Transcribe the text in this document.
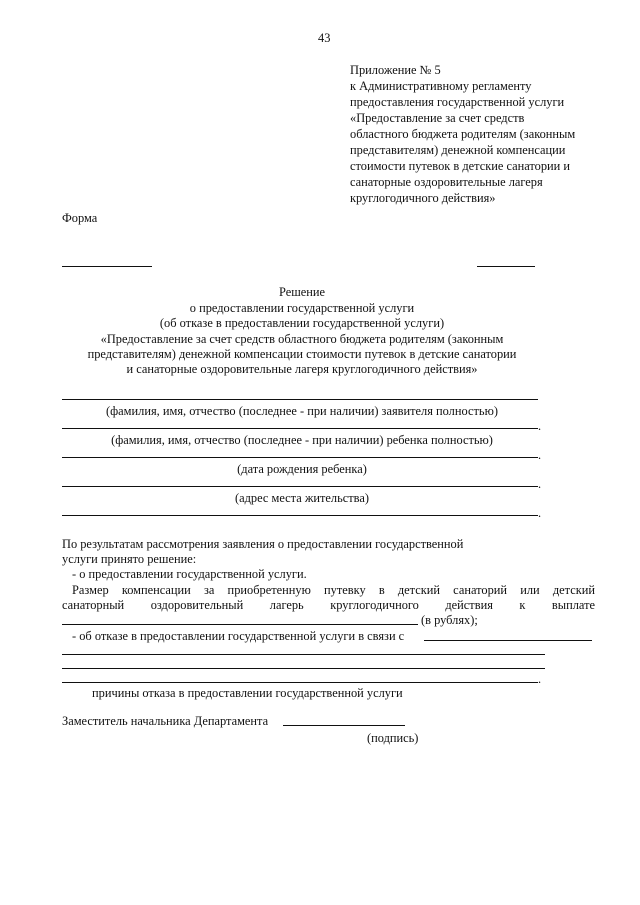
43
Приложение № 5
к Административному регламенту
предоставления государственной услуги
«Предоставление за счет средств
областного бюджета родителям (законным
представителям) денежной компенсации
стоимости путевок в детские санатории и
санаторные оздоровительные лагеря
круглогодичного действия»
Форма
Решение
о предоставлении государственной услуги
(об отказе в предоставлении государственной услуги)
«Предоставление за счет средств областного бюджета родителям (законным
представителям) денежной компенсации стоимости путевок в детские санатории
и санаторные оздоровительные лагеря круглогодичного действия»
(фамилия, имя, отчество (последнее - при наличии) заявителя полностью)
.
(фамилия, имя, отчество (последнее - при наличии) ребенка полностью)
.
(дата рождения ребенка)
.
(адрес места жительства)
.
По результатам рассмотрения заявления о предоставлении государственной
услуги принято решение:
- о предоставлении государственной услуги.
Размер компенсации за приобретенную путевку в детский санаторий или детский
санаторный оздоровительный лагерь круглогодичного действия к выплате
(в рублях);
- об отказе в предоставлении государственной услуги в связи с
.
причины отказа в предоставлении государственной услуги
Заместитель начальника Департамента
(подпись)
